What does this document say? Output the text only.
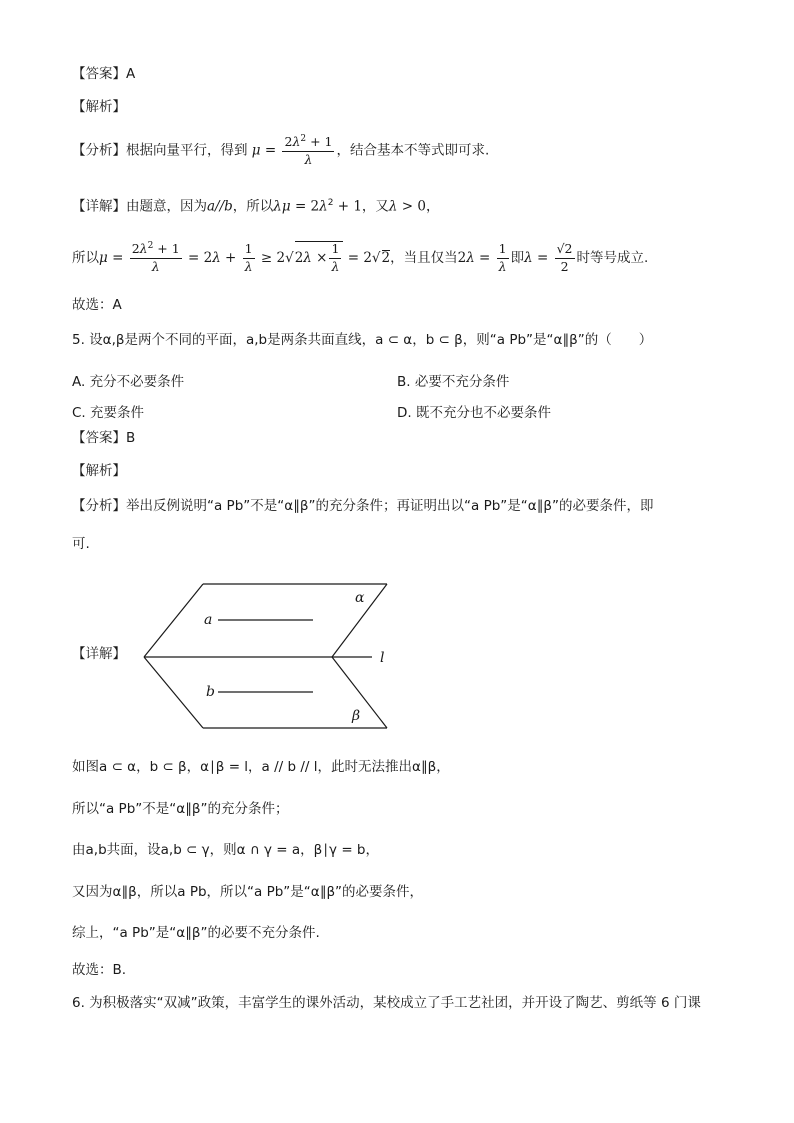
【答案】A
【解析】
【分析】根据向量平行，得到 $\mu = \frac{2\lambda^2 + 1}{\lambda}$ ，结合基本不等式即可求.
【详解】由题意，因为a//b，所以$\lambda\mu = 2\lambda^2 + 1$，又λ > 0，
所以$\mu = \frac{2\lambda^2 + 1}{\lambda} = 2\lambda + \frac{1}{\lambda} \ge 2√2\lambda \times \frac{1}{\lambda} = 2√2$，当且仅当$2\lambda = \frac{1}{\lambda}$ 即$\lambda = \frac{√2}{2}$ 时等号成立.
故选：A
5. 设α,β是两个不同的平面，a,b是两条共面直线，a ⊂ α，b ⊂ β，则“a Pb”是“α∥β”的（　　）
A. 充分不必要条件	B. 必要不充分条件
C. 充要条件	D. 既不充分也不必要条件
【答案】B
【解析】
【分析】举出反例说明“a Pb”不是“α∥β”的充分条件；再证明出以“a Pb”是“α∥β”的必要条件，即
可.
【详解】
α
a
l
b
β
如图a ⊂ α，b ⊂ β，α∣β = l，a // b // l，此时无法推出α∥β，
所以“a Pb”不是“α∥β”的充分条件；
由a,b共面，设a,b ⊂ γ，则α ∩ γ = a，β∣γ = b，
又因为α∥β，所以a Pb，所以“a Pb”是“α∥β”的必要条件，
综上，“a Pb”是“α∥β”的必要不充分条件.
故选：B.
6. 为积极落实“双减”政策，丰富学生的课外活动，某校成立了手工艺社团，并开设了陶艺、剪纸等 6 门课
